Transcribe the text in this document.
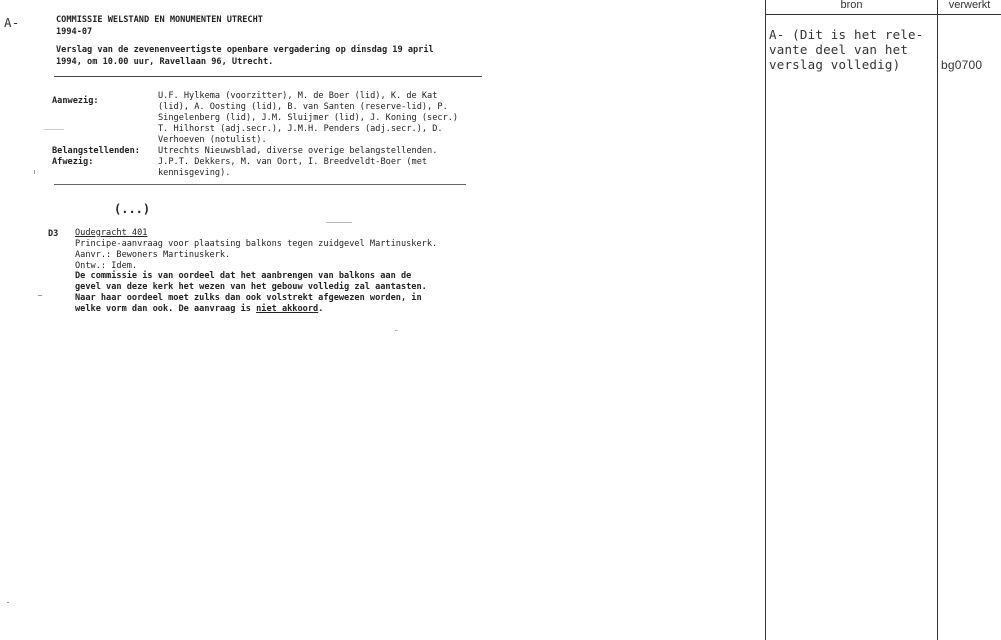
A-	COMMISSIE WELSTAND EN MONUMENTEN UTRECHT
1994-07
Verslag van de zevenenveertigste openbare vergadering op dinsdag 19 april
1994, om 10.00 uur, Ravellaan 96, Utrecht.
Aanwezig:	U.F. Hylkema (voorzitter), M. de Boer (lid), K. de Kat
(lid), A. Oosting (lid), B. van Santen (reserve-lid), P.
Singelenberg (lid), J.M. Sluijmer (lid), J. Koning (secr.)
T. Hilhorst (adj.secr.), J.M.H. Penders (adj.secr.), D.
Verhoeven (notulist).
Belangstellenden: Utrechts Nieuwsblad, diverse overige belangstellenden.
Afwezig:	J.P.T. Dekkers, M. van Oort, I. Breedveldt-Boer (met
kennisgeving).
(...)
D3 Oudegracht 401
Principe-aanvraag voor plaatsing balkons tegen zuidgevel Martinuskerk.
Aanvr.: Bewoners Martinuskerk.
Ontw.: Idem.
De commissie is van oordeel dat het aanbrengen van balkons aan de
gevel van deze kerk het wezen van het gebouw volledig zal aantasten.
Naar haar oordeel moet zulks dan ook volstrekt afgewezen worden, in
welke vorm dan ook. De aanvraag is niet akkoord.
bron	verwerkt
A- (Dit is het rele-
vante deel van het
verslag volledig)	bg0700
